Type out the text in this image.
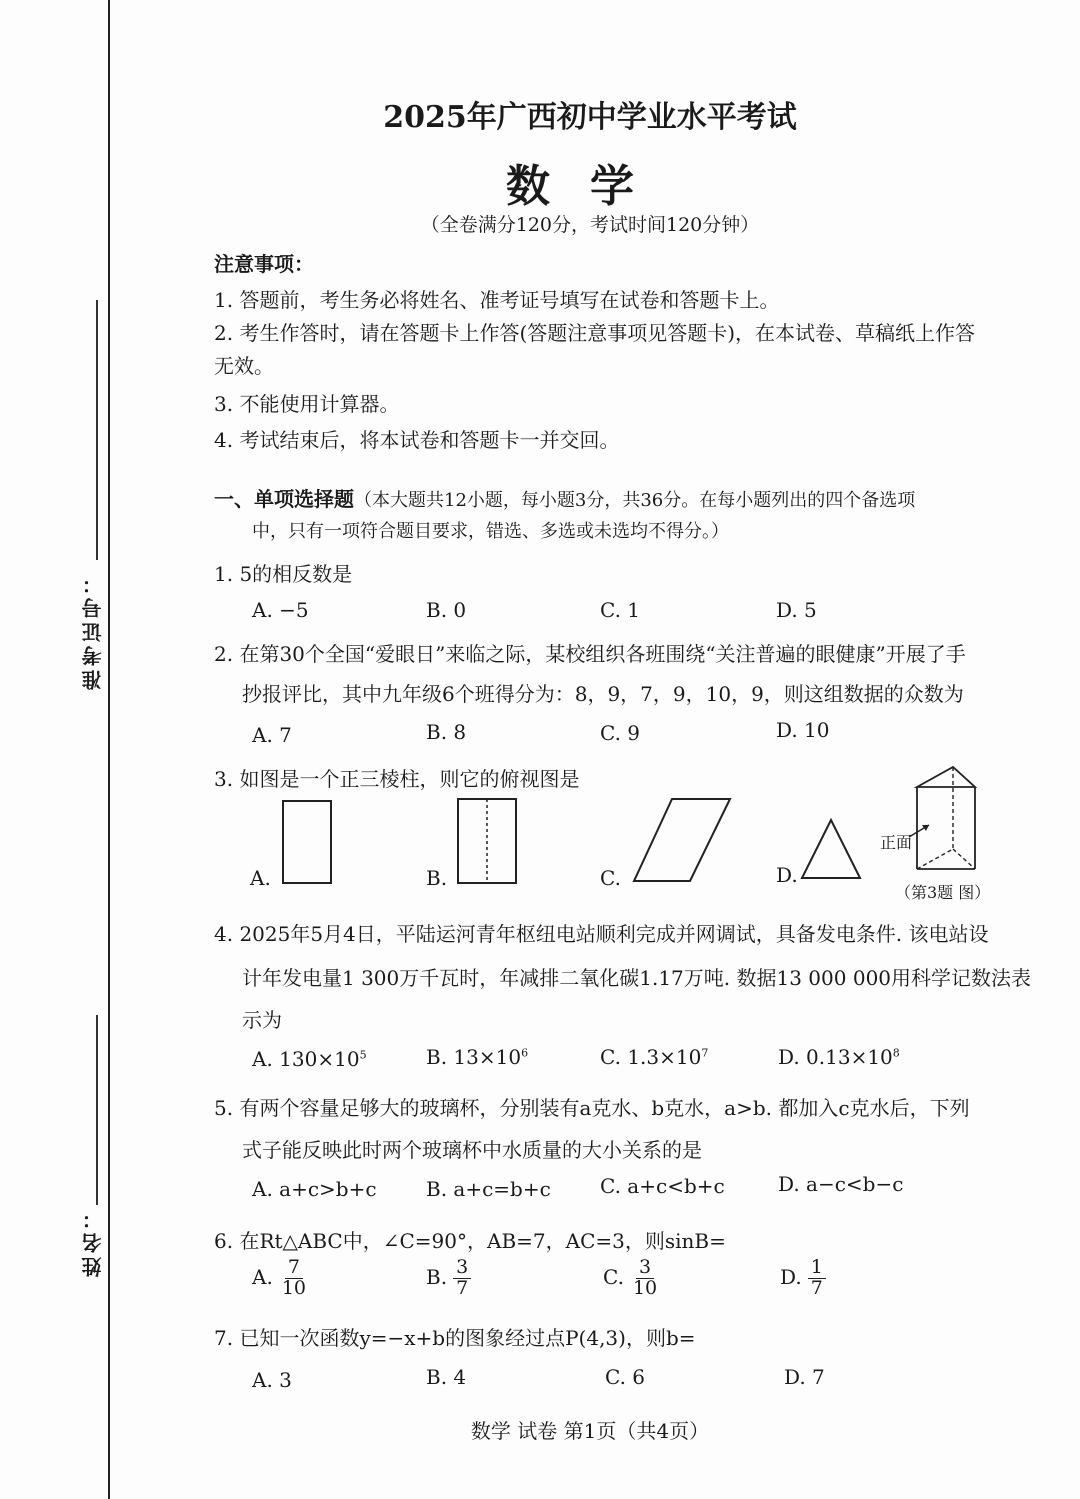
准考证号：
姓名：
2025年广西初中学业水平考试
数学
（全卷满分120分，考试时间120分钟）
注意事项：
1. 答题前，考生务必将姓名、准考证号填写在试卷和答题卡上。
2. 考生作答时，请在答题卡上作答(答题注意事项见答题卡)，在本试卷、草稿纸上作答
无效。
3. 不能使用计算器。
4. 考试结束后，将本试卷和答题卡一并交回。
一、单项选择题（本大题共12小题，每小题3分，共36分。在每小题列出的四个备选项
中，只有一项符合题目要求，错选、多选或未选均不得分。）
1. 5的相反数是
A. −5	B. 0	C. 1	D. 5
2. 在第30个全国“爱眼日”来临之际，某校组织各班围绕“关注普遍的眼健康”开展了手
抄报评比，其中九年级6个班得分为：8，9，7，9，10，9，则这组数据的众数为
A. 7	B. 8	C. 9	D. 10
3. 如图是一个正三棱柱，则它的俯视图是
A.	B.	C.	D.
正面
（第3题 图）
4. 2025年5月4日，平陆运河青年枢纽电站顺利完成并网调试，具备发电条件. 该电站设
计年发电量1 300万千瓦时，年减排二氧化碳1.17万吨. 数据13 000 000用科学记数法表
示为
A. $130\times 10^5$	B. $13\times 10^6$	C. $1.3\times 10^7$	D. $0.13\times 10^8$
5. 有两个容量足够大的玻璃杯，分别装有a克水、b克水，a>b. 都加入c克水后，下列
式子能反映此时两个玻璃杯中水质量的大小关系的是
A. a+c>b+c B. a+c=b+c C. a+c<b+c	D. a−c<b−c
6. 在Rt△ABC中，∠C=90°，AB=7，AC=3，则sinB=
A. $\frac{7}{10}$	B. $\frac{3}{7}$	C. $\frac{3}{10}$	D. $\frac{1}{7}$
7. 已知一次函数y=−x+b的图象经过点P(4,3)，则b=
A. 3	B. 4	C. 6	D. 7
数学 试卷 第1页（共4页）
